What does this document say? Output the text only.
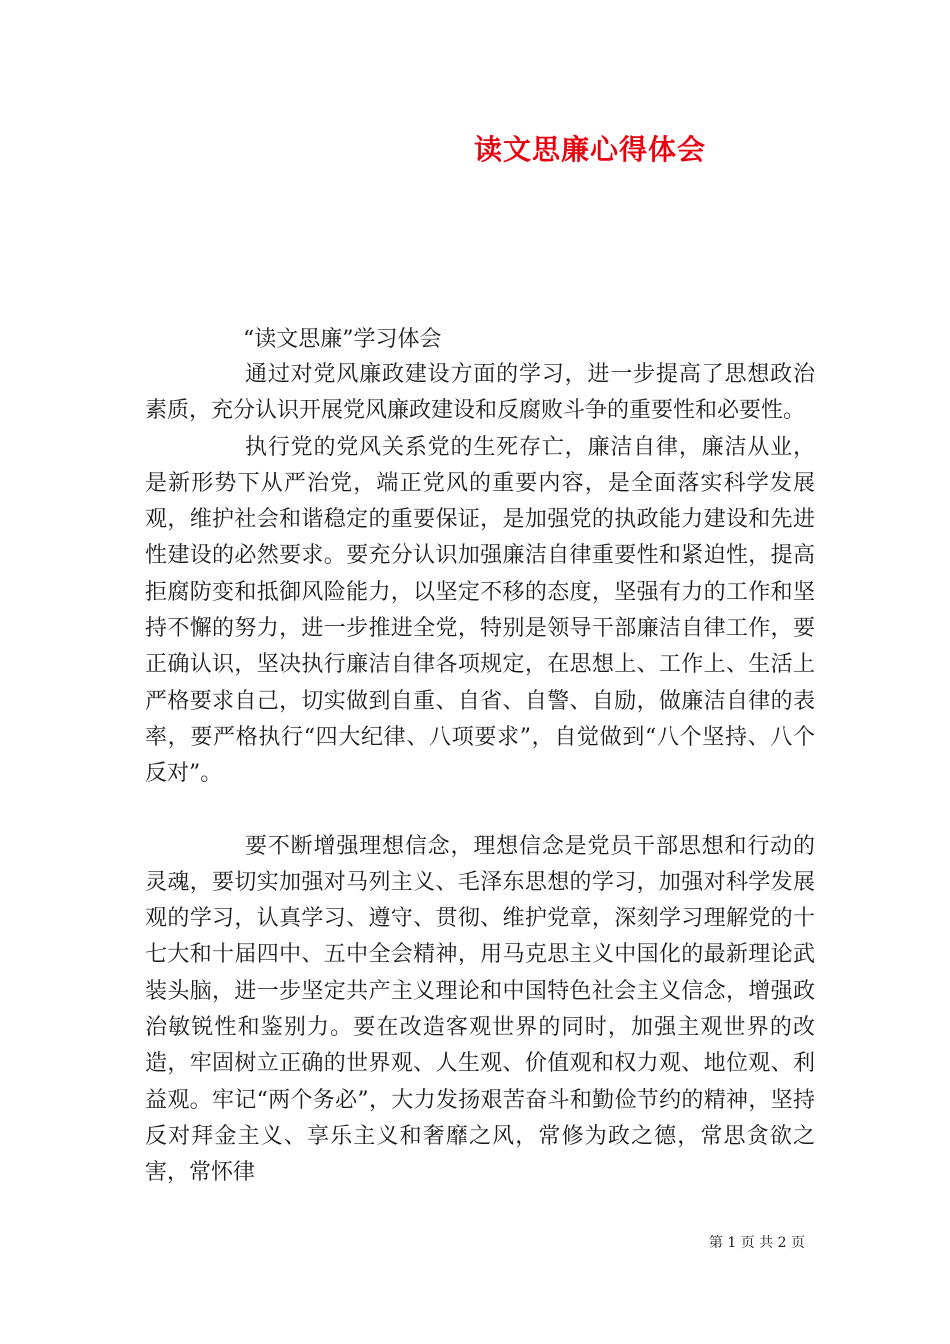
读文思廉心得体会
“读文思廉”学习体会

通过对党风廉政建设方面的学习，进一步提高了思想政治素质，充分认识开展党风廉政建设和反腐败斗争的重要性和必要性。

执行党的党风关系党的生死存亡，廉洁自律，廉洁从业，是新形势下从严治党，端正党风的重要内容，是全面落实科学发展观，维护社会和谐稳定的重要保证，是加强党的执政能力建设和先进性建设的必然要求。要充分认识加强廉洁自律重要性和紧迫性，提高拒腐防变和抵御风险能力，以坚定不移的态度，坚强有力的工作和坚持不懈的努力，进一步推进全党，特别是领导干部廉洁自律工作，要正确认识，坚决执行廉洁自律各项规定，在思想上、工作上、生活上严格要求自己，切实做到自重、自省、自警、自励，做廉洁自律的表率，要严格执行“四大纪律、八项要求”，自觉做到“八个坚持、八个反对”。

要不断增强理想信念，理想信念是党员干部思想和行动的灵魂，要切实加强对马列主义、毛泽东思想的学习，加强对科学发展观的学习，认真学习、遵守、贯彻、维护党章，深刻学习理解党的十七大和十届四中、五中全会精神，用马克思主义中国化的最新理论武装头脑，进一步坚定共产主义理论和中国特色社会主义信念，增强政治敏锐性和鉴别力。要在改造客观世界的同时，加强主观世界的改造，牢固树立正确的世界观、人生观、价值观和权力观、地位观、利益观。牢记“两个务必”，大力发扬艰苦奋斗和勤俭节约的精神，坚持反对拜金主义、享乐主义和奢靡之风，常修为政之德，常思贪欲之害，常怀律

第 1 页 共 2 页
